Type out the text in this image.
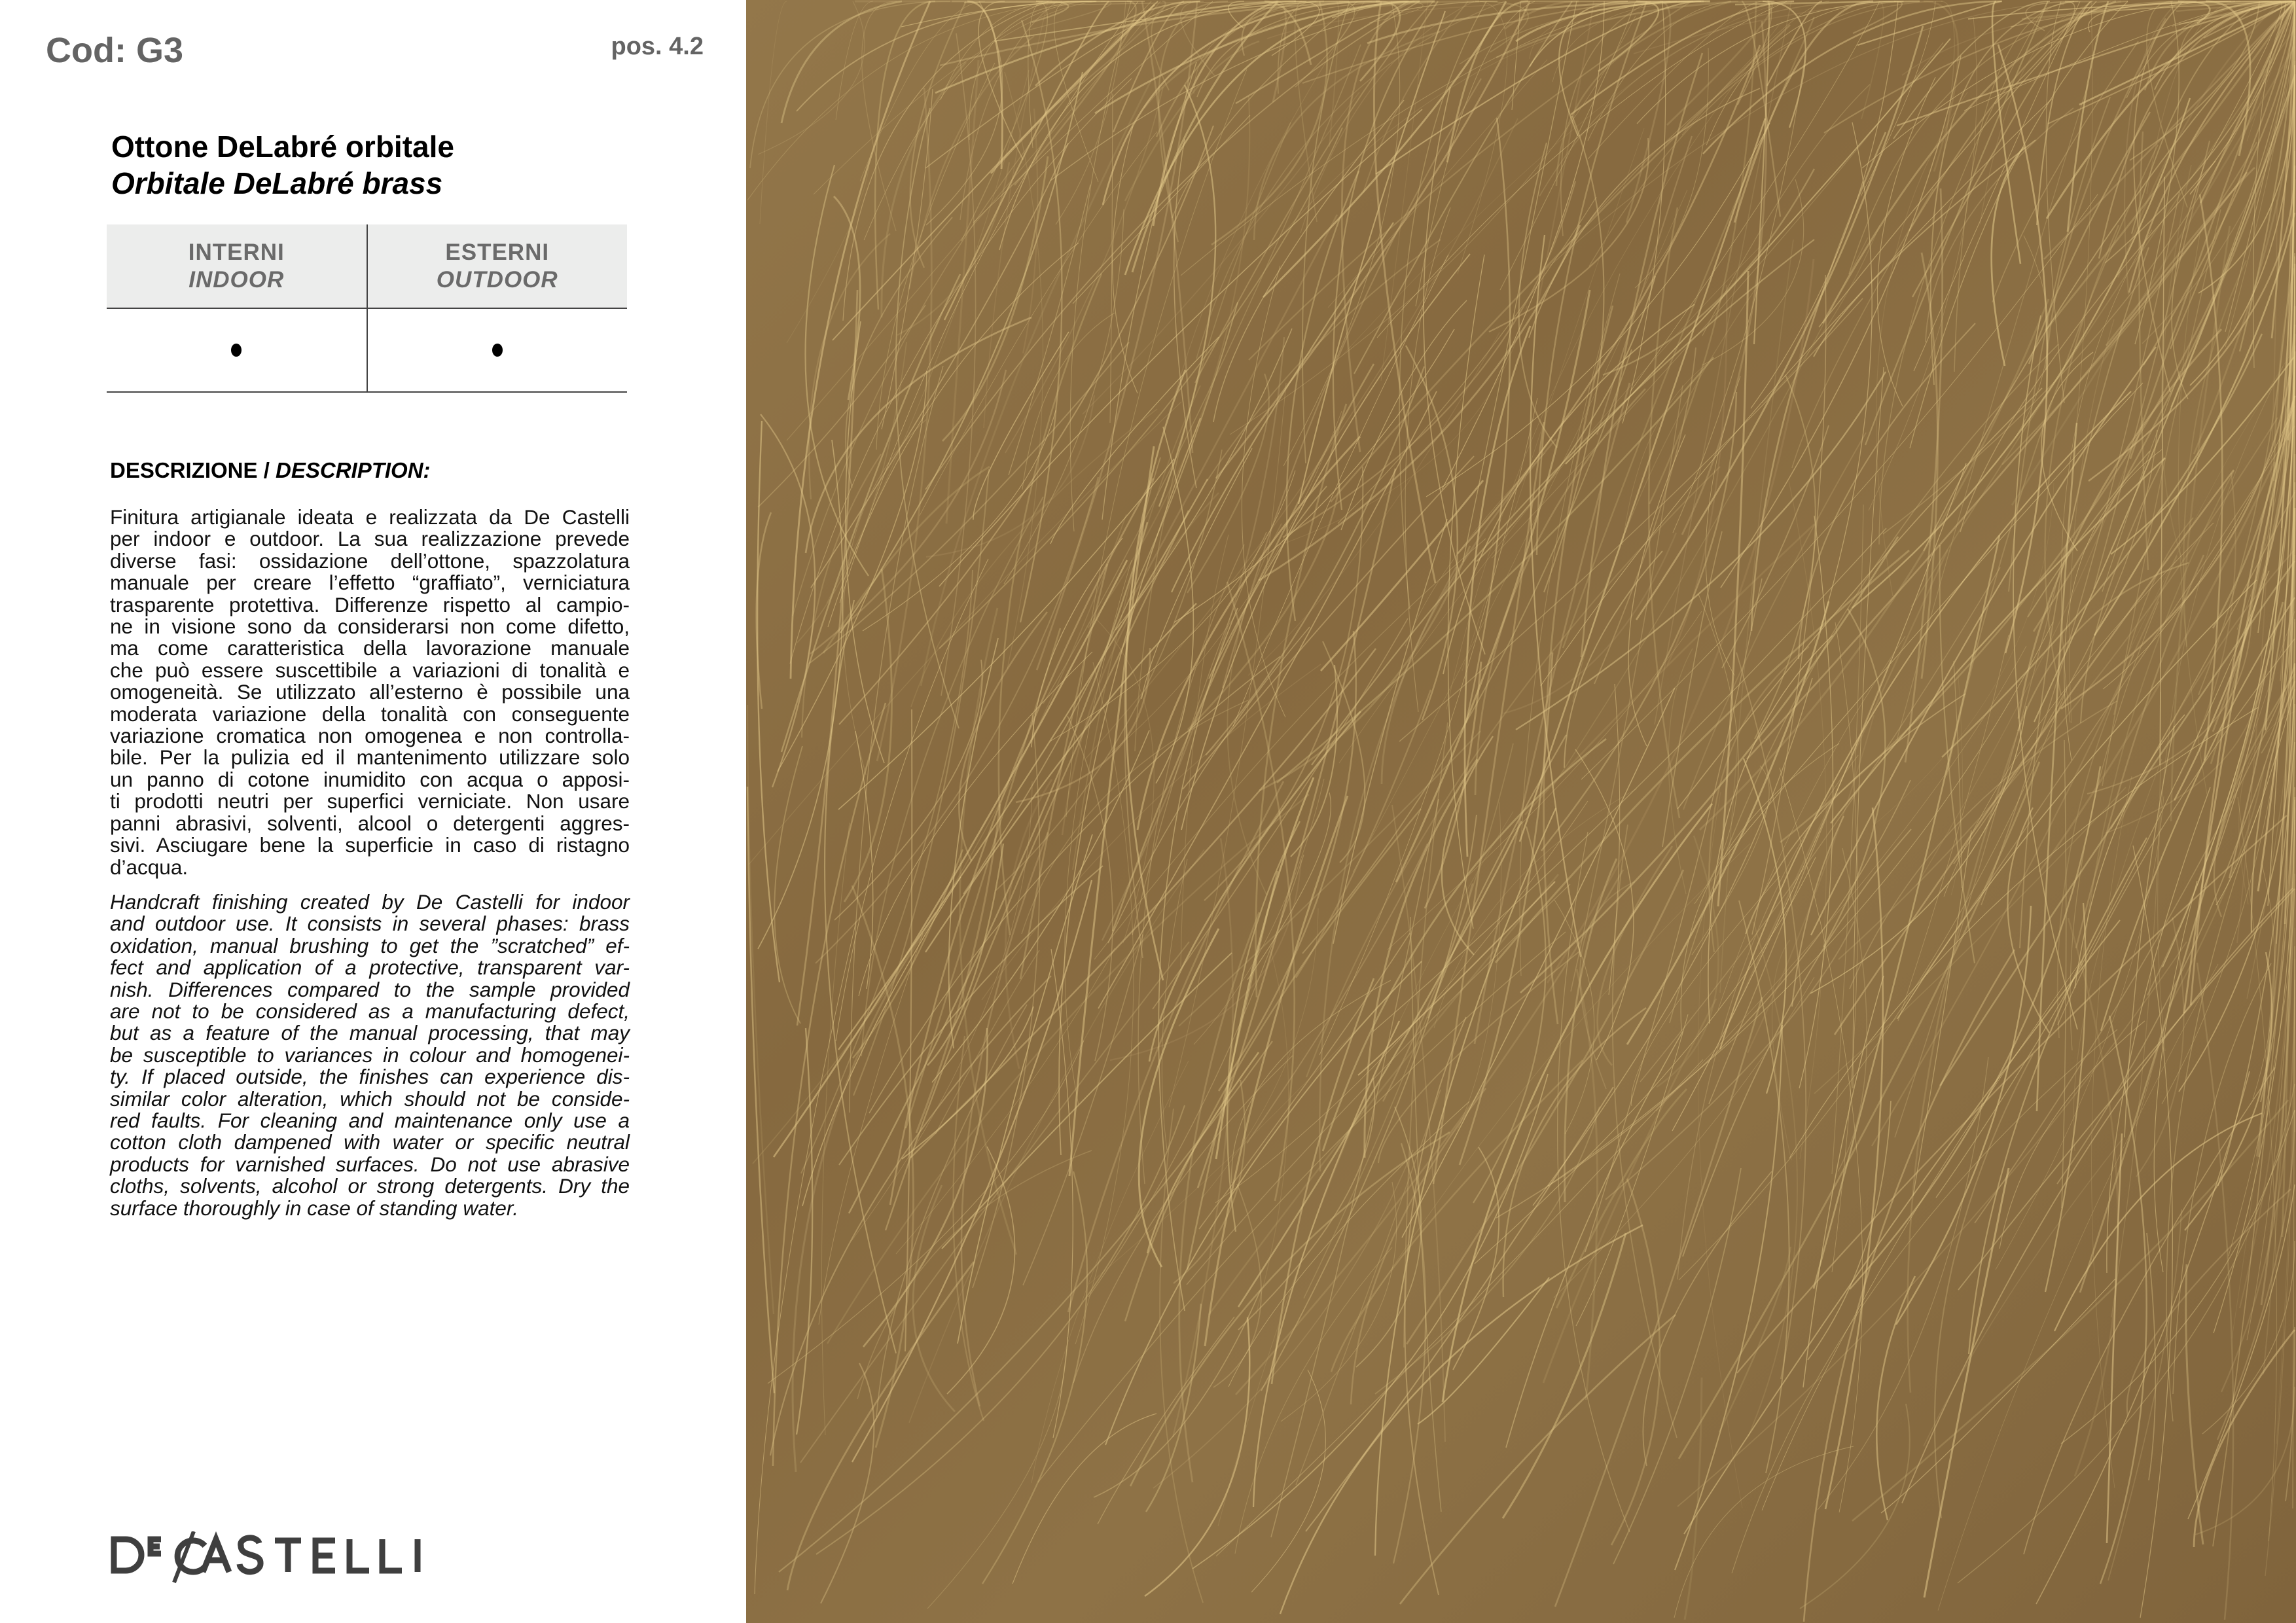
Cod: G3	pos. 4.2
Ottone DeLabré orbitale
Orbitale DeLabré brass
INTERNI
INDOOR
ESTERNI
OUTDOOR
DESCRIZIONE / DESCRIPTION:
Finitura artigianale ideata e realizzata da De Castelli
per indoor e outdoor. La sua realizzazione prevede
diverse fasi: ossidazione dell’ottone, spazzolatura
manuale per creare l’effetto “graffiato”, verniciatura
trasparente protettiva. Differenze rispetto al campio-
ne in visione sono da considerarsi non come difetto,
ma come caratteristica della lavorazione manuale
che può essere suscettibile a variazioni di tonalità e
omogeneità. Se utilizzato all’esterno è possibile una
moderata variazione della tonalità con conseguente
variazione cromatica non omogenea e non controlla-
bile. Per la pulizia ed il mantenimento utilizzare solo
un panno di cotone inumidito con acqua o apposi-
ti prodotti neutri per superfici verniciate. Non usare
panni abrasivi, solventi, alcool o detergenti aggres-
sivi. Asciugare bene la superficie in caso di ristagno
d’acqua.
Handcraft finishing created by De Castelli for indoor
and outdoor use. It consists in several phases: brass
oxidation, manual brushing to get the ”scratched” ef-
fect and application of a protective, transparent var-
nish. Differences compared to the sample provided
are not to be considered as a manufacturing defect,
but as a feature of the manual processing, that may
be susceptible to variances in colour and homogenei-
ty. If placed outside, the finishes can experience dis-
similar color alteration, which should not be conside-
red faults. For cleaning and maintenance only use a
cotton cloth dampened with water or specific neutral
products for varnished surfaces. Do not use abrasive
cloths, solvents, alcohol or strong detergents. Dry the
surface thoroughly in case of standing water.
